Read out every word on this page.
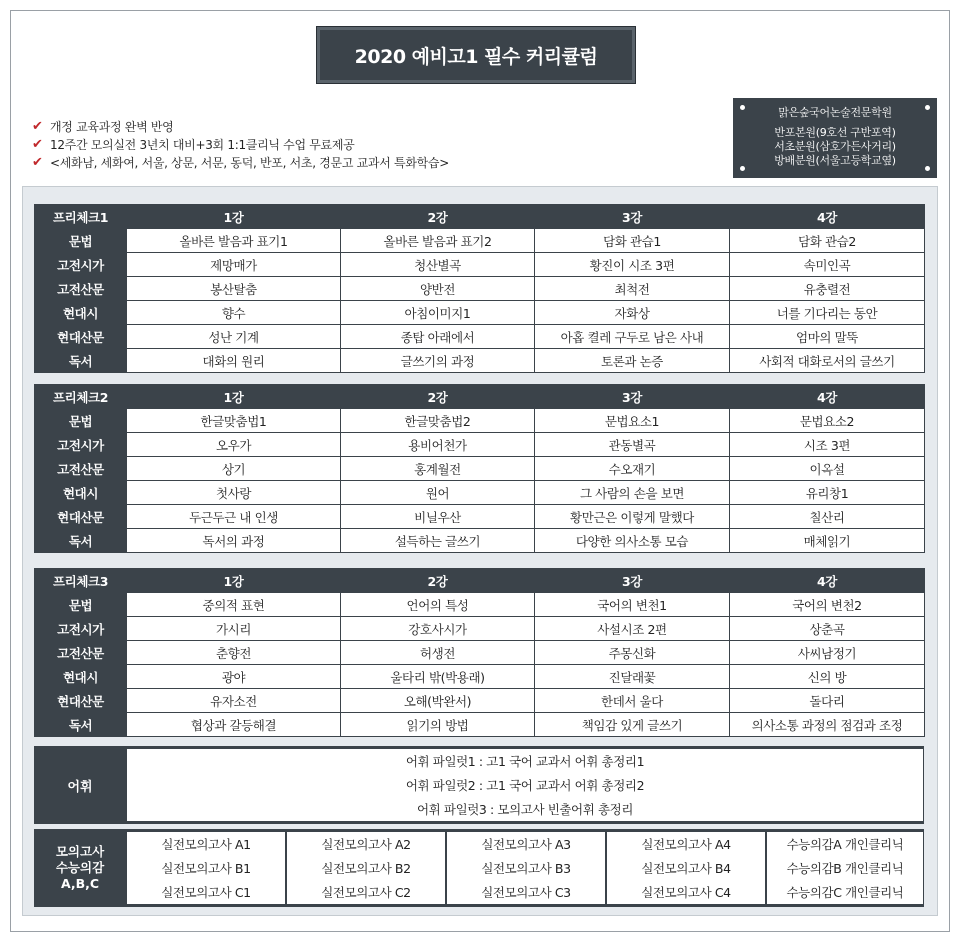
2020 예비고1 필수 커리큘럼
✔ 개정 교육과정 완벽 반영
✔ 12주간 모의실전 3년치 대비+3회 1:1클리닉 수업 무료제공
✔ <세화남, 세화여, 서울, 상문, 서문, 동덕, 반포, 서초, 경문고 교과서 특화학습>
맑은숲국어논술전문학원
반포본원(9호선 구반포역)
서초분원(삼호가든사거리)
방배분원(서울고등학교옆)
프리체크1	1강	2강	3강	4강
문법	올바른 발음과 표기1	올바른 발음과 표기2	담화 관습1	담화 관습2
고전시가	제망매가	청산별곡	황진이 시조 3편	속미인곡
고전산문	봉산탈춤	양반전	최척전	유충렬전
현대시	향수	아침이미지1	자화상	너를 기다리는 동안
현대산문	성난 기계	종탑 아래에서	아홉 켤레 구두로 남은 사내	엄마의 말뚝
독서	대화의 원리	글쓰기의 과정	토론과 논증	사회적 대화로서의 글쓰기
프리체크2	1강	2강	3강	4강
문법	한글맞춤법1	한글맞춤법2	문법요소1	문법요소2
고전시가	오우가	용비어천가	관동별곡	시조 3편
고전산문	상기	홍계월전	수오재기	이옥설
현대시	첫사랑	원어	그 사람의 손을 보면	유리창1
현대산문	두근두근 내 인생	비닐우산	황만근은 이렇게 말했다	칠산리
독서	독서의 과정	설득하는 글쓰기	다양한 의사소통 모습	매체읽기
프리체크3	1강	2강	3강	4강
문법	중의적 표현	언어의 특성	국어의 변천1	국어의 변천2
고전시가	가시리	강호사시가	사설시조 2편	상춘곡
고전산문	춘향전	허생전	주몽신화	사씨남정기
현대시	광야	울타리 밖(박용래)	진달래꽃	신의 방
현대산문	유자소전	오해(박완서)	한데서 울다	돌다리
독서	협상과 갈등해결	읽기의 방법	책임감 있게 글쓰기	의사소통 과정의 점검과 조정
어휘
어휘 파일럿1 : 고1 국어 교과서 어휘 총정리1
어휘 파일럿2 : 고1 국어 교과서 어휘 총정리2
어휘 파일럿3 : 모의고사 빈출어휘 총정리
모의고사
수능의감
A,B,C
실전모의고사 A1	실전모의고사 A2	실전모의고사 A3	실전모의고사 A4	수능의감A 개인클리닉
실전모의고사 B1	실전모의고사 B2	실전모의고사 B3	실전모의고사 B4	수능의감B 개인클리닉
실전모의고사 C1	실전모의고사 C2	실전모의고사 C3	실전모의고사 C4	수능의감C 개인클리닉
